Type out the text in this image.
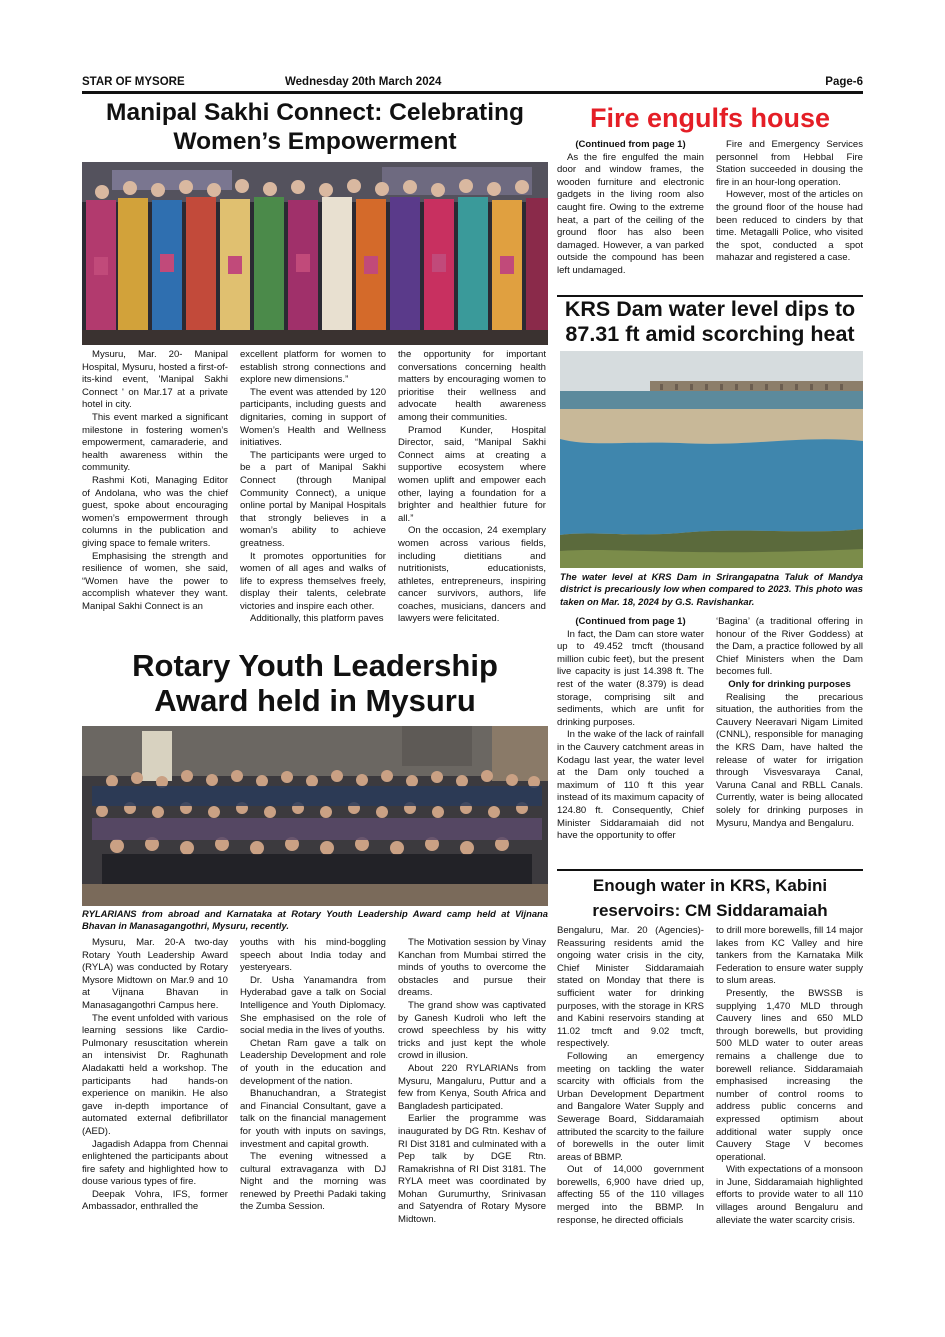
STAR OF MYSORE	Wednesday 20th March 2024	Page-6
Manipal Sakhi Connect: Celebrating
Women’s Empowerment

Mysuru, Mar. 20- Manipal Hospital, Mysuru, hosted a first-of-its-kind event, 'Manipal Sakhi Connect ' on Mar.17 at a private hotel in city.

This event marked a significant milestone in fostering women’s empowerment, camaraderie, and health awareness within the community.

Rashmi Koti, Managing Editor of Andolana, who was the chief guest, spoke about encouraging women’s empowerment through columns in the publication and giving space to female writers.

Emphasising the strength and resilience of women, she said, “Women have the power to accomplish whatever they want. Manipal Sakhi Connect is an

excellent platform for women to establish strong connections and explore new dimensions.”

The event was attended by 120 participants, including guests and dignitaries, coming in support of Women’s Health and Wellness initiatives.

The participants were urged to be a part of Manipal Sakhi Connect (through Manipal Community Connect), a unique online portal by Manipal Hospitals that strongly believes in a woman’s ability to achieve greatness.

It promotes opportunities for women of all ages and walks of life to express themselves freely, display their talents, celebrate victories and inspire each other.

Additionally, this platform paves

the opportunity for important conversations concerning health matters by encouraging women to prioritise their wellness and advocate health awareness among their communities.

Pramod Kunder, Hospital Director, said, “Manipal Sakhi Connect aims at creating a supportive ecosystem where women uplift and empower each other, laying a foundation for a brighter and healthier future for all.”

On the occasion, 24 exemplary women across various fields, including dietitians and nutritionists, educationists, athletes, entrepreneurs, inspiring cancer survivors, authors, life coaches, musicians, dancers and lawyers were felicitated.

Fire engulfs house

(Continued from page 1)

As the fire engulfed the main door and window frames, the wooden furniture and electronic gadgets in the living room also caught fire. Owing to the extreme heat, a part of the ceiling of the ground floor has also been damaged. However, a van parked outside the compound has been left undamaged.

Fire and Emergency Services personnel from Hebbal Fire Station succeeded in dousing the fire in an hour-long operation.

However, most of the articles on the ground floor of the house had been reduced to cinders by that time. Metagalli Police, who visited the spot, conducted a spot mahazar and registered a case.

KRS Dam water level dips to
87.31 ft amid scorching heat
The water level at KRS Dam in Srirangapatna Taluk of Mandya district is precariously low when compared to 2023. This photo was taken on Mar. 18, 2024 by G.S. Ravishankar.

(Continued from page 1)

In fact, the Dam can store water up to 49.452 tmcft (thousand million cubic feet), but the present live capacity is just 14.398 ft. The rest of the water (8.379) is dead storage, comprising silt and sediments, which are unfit for drinking purposes.

In the wake of the lack of rainfall in the Cauvery catchment areas in Kodagu last year, the water level at the Dam only touched a maximum of 110 ft this year instead of its maximum capacity of 124.80 ft. Consequently, Chief Minister Siddaramaiah did not have the opportunity to offer

‘Bagina’ (a traditional offering in honour of the River Goddess) at the Dam, a practice followed by all Chief Ministers when the Dam becomes full.

Only for drinking purposes

Realising the precarious situation, the authorities from the Cauvery Neeravari Nigam Limited (CNNL), responsible for managing the KRS Dam, have halted the release of water for irrigation through Visvesvaraya Canal, Varuna Canal and RBLL Canals. Currently, water is being allocated solely for drinking purposes in Mysuru, Mandya and Bengaluru.

Rotary Youth Leadership
Award held in Mysuru
RYLARIANS from abroad and Karnataka at Rotary Youth Leadership Award camp held at Vijnana Bhavan in Manasagangothri, Mysuru, recently.

Mysuru, Mar. 20-A two-day Rotary Youth Leadership Award (RYLA) was conducted by Rotary Mysore Midtown on Mar.9 and 10 at Vijnana Bhavan in Manasagangothri Campus here.

The event unfolded with various learning sessions like Cardio-Pulmonary resuscitation wherein an intensivist Dr. Raghunath Aladakatti held a workshop. The participants had hands-on experience on manikin. He also gave in-depth importance of automated external defibrillator (AED).

Jagadish Adappa from Chennai enlightened the participants about fire safety and highlighted how to douse various types of fire.

Deepak Vohra, IFS, former Ambassador, enthralled the

youths with his mind-boggling speech about India today and yesteryears.

Dr. Usha Yanamandra from Hyderabad gave a talk on Social Intelligence and Youth Diplomacy. She emphasised on the role of social media in the lives of youths.

Chetan Ram gave a talk on Leadership Development and role of youth in the education and development of the nation.

Bhanuchandran, a Strategist and Financial Consultant, gave a talk on the financial management for youth with inputs on savings, investment and capital growth.

The evening witnessed a cultural extravaganza with DJ Night and the morning was renewed by Preethi Padaki taking the Zumba Session.

The Motivation session by Vinay Kanchan from Mumbai stirred the minds of youths to overcome the obstacles and pursue their dreams.

The grand show was captivated by Ganesh Kudroli who left the crowd speechless by his witty tricks and just kept the whole crowd in illusion.

About 220 RYLARIANs from Mysuru, Mangaluru, Puttur and a few from Kenya, South Africa and Bangladesh participated.

Earlier the programme was inaugurated by DG Rtn. Keshav of RI Dist 3181 and culminated with a Pep talk by DGE Rtn. Ramakrishna of RI Dist 3181. The RYLA meet was coordinated by Mohan Gurumurthy, Srinivasan and Satyendra of Rotary Mysore Midtown.

Enough water in KRS, Kabini
reservoirs: CM Siddaramaiah

Bengaluru, Mar. 20 (Agencies)- Reassuring residents amid the ongoing water crisis in the city, Chief Minister Siddaramaiah stated on Monday that there is sufficient water for drinking purposes, with the storage in KRS and Kabini reservoirs standing at 11.02 tmcft and 9.02 tmcft, respectively.

Following an emergency meeting on tackling the water scarcity with officials from the Urban Development Department and Bangalore Water Supply and Sewerage Board, Siddaramaiah attributed the scarcity to the failure of borewells in the outer limit areas of BBMP.

Out of 14,000 government borewells, 6,900 have dried up, affecting 55 of the 110 villages merged into the BBMP. In response, he directed officials

to drill more borewells, fill 14 major lakes from KC Valley and hire tankers from the Karnataka Milk Federation to ensure water supply to slum areas.

Presently, the BWSSB is supplying 1,470 MLD through Cauvery lines and 650 MLD through borewells, but providing 500 MLD water to outer areas remains a challenge due to borewell reliance. Siddaramaiah emphasised increasing the number of control rooms to address public concerns and expressed optimism about additional water supply once Cauvery Stage V becomes operational.

With expectations of a monsoon in June, Siddaramaiah highlighted efforts to provide water to all 110 villages around Bengaluru and alleviate the water scarcity crisis.
